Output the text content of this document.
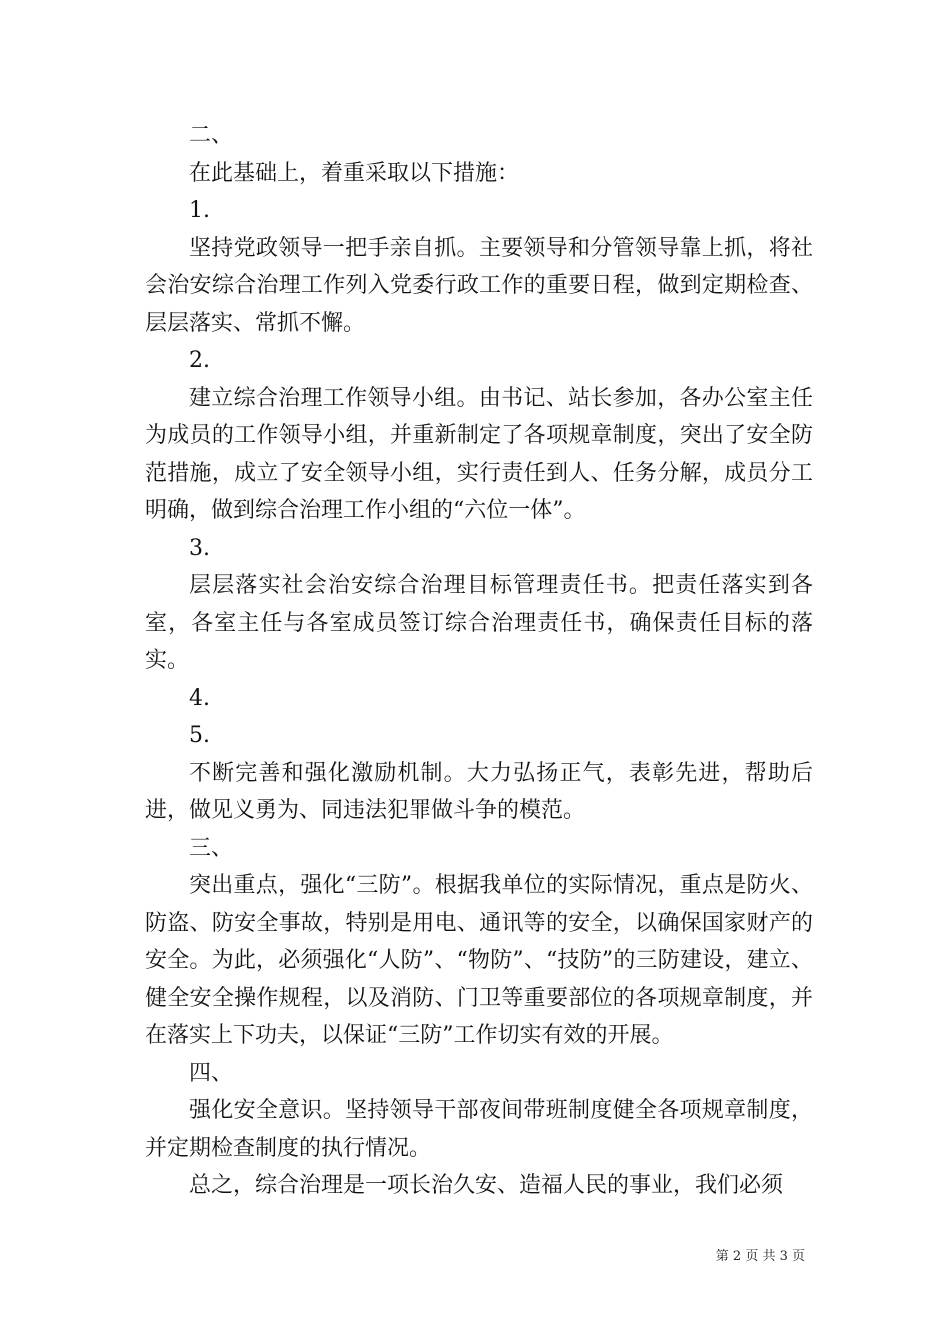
二、

在此基础上，着重采取以下措施：

1.

坚持党政领导一把手亲自抓。主要领导和分管领导靠上抓，将社会治安综合治理工作列入党委行政工作的重要日程，做到定期检查、层层落实、常抓不懈。

2.

建立综合治理工作领导小组。由书记、站长参加，各办公室主任为成员的工作领导小组，并重新制定了各项规章制度，突出了安全防范措施，成立了安全领导小组，实行责任到人、任务分解，成员分工明确，做到综合治理工作小组的“六位一体”。

3.

层层落实社会治安综合治理目标管理责任书。把责任落实到各室，各室主任与各室成员签订综合治理责任书，确保责任目标的落实。

4.

5.

不断完善和强化激励机制。大力弘扬正气，表彰先进，帮助后进，做见义勇为、同违法犯罪做斗争的模范。

三、

突出重点，强化“三防”。根据我单位的实际情况，重点是防火、防盗、防安全事故，特别是用电、通讯等的安全，以确保国家财产的安全。为此，必须强化“人防”、“物防”、“技防”的三防建设，建立、健全安全操作规程，以及消防、门卫等重要部位的各项规章制度，并在落实上下功夫，以保证“三防”工作切实有效的开展。

四、

强化安全意识。坚持领导干部夜间带班制度健全各项规章制度，并定期检查制度的执行情况。

总之，综合治理是一项长治久安、造福人民的事业，我们必须

第 2 页 共 3 页
